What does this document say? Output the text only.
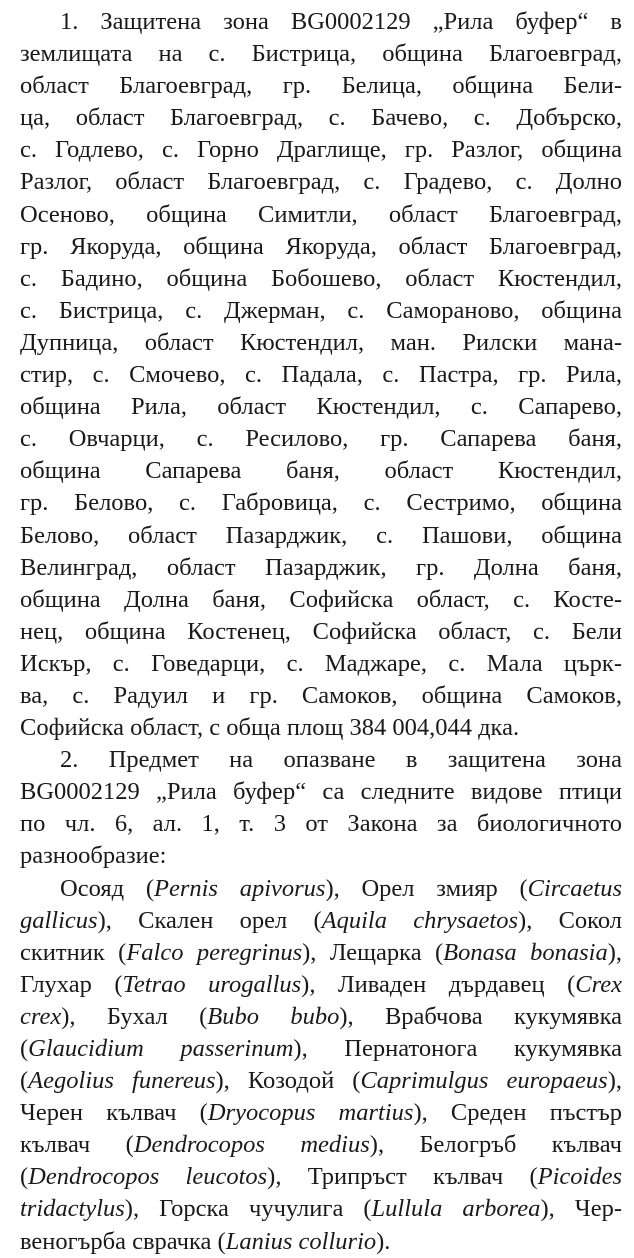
1. Защитена зона BG0002129 „Рила буфер“ в
землищата на с. Бистрица, община Благоевград,
област Благоевград, гр. Белица, община Бели-
ца, област Благоевград, с. Бачево, с. Добърско,
с. Годлево, с. Горно Драглище, гр. Разлог, община
Разлог, област Благоевград, с. Градево, с. Долно
Осеново, община Симитли, област Благоевград,
гр. Якоруда, община Якоруда, област Благоевград,
с. Бадино, община Бобошево, област Кюстендил,
с. Бистрица, с. Джерман, с. Самораново, община
Дупница, област Кюстендил, ман. Рилски мана-
стир, с. Смочево, с. Падала, с. Пастра, гр. Рила,
община Рила, област Кюстендил, с. Сапарево,
с. Овчарци, с. Ресилово, гр. Сапарева баня,
община Сапарева баня, област Кюстендил,
гр. Белово, с. Габровица, с. Сестримо, община
Белово, област Пазарджик, с. Пашови, община
Велинград, област Пазарджик, гр. Долна баня,
община Долна баня, Софийска област, с. Косте-
нец, община Костенец, Софийска област, с. Бели
Искър, с. Говедарци, с. Маджаре, с. Мала църк-
ва, с. Радуил и гр. Самоков, община Самоков,
Софийска област, с обща площ 384 004,044 дка.
2. Предмет на опазване в защитена зона
BG0002129 „Рила буфер“ са следните видове птици
по чл. 6, ал. 1, т. 3 от Закона за биологичното
разнообразие:
Осояд (Pernis apivorus), Орел змияр (Circaetus
gallicus), Скален орел (Aquila chrysaetos), Сокол
скитник (Falco peregrinus), Лещарка (Bonasa bonasia),
Глухар (Tetrao urogallus), Ливаден дърдавец (Crex
crex), Бухал (Bubo bubo), Врабчова кукумявка
(Glaucidium passerinum), Пернатонога кукумявка
(Aegolius funereus), Козодой (Caprimulgus europaeus),
Черен кълвач (Dryocopus martius), Среден пъстър
кълвач (Dendrocopos medius), Белогръб кълвач
(Dendrocopos leucotos), Трипръст кълвач (Picoides
tridactylus), Горска чучулига (Lullula arborea), Чер-
веногърба сврачка (Lanius collurio).
